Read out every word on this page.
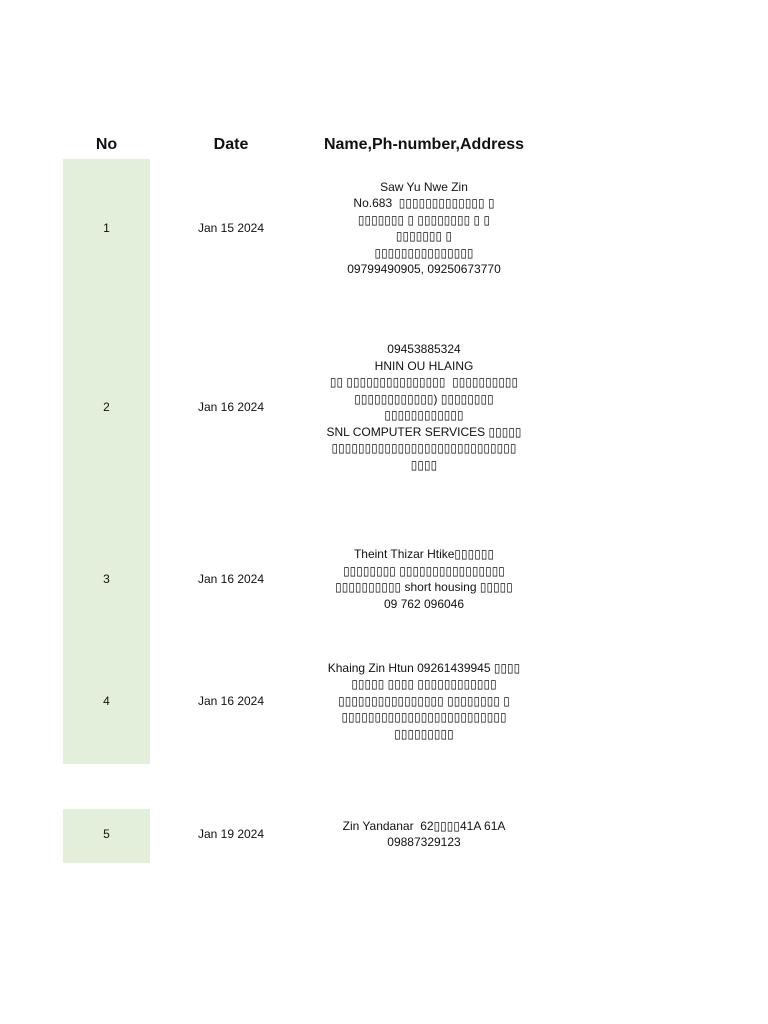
No	Date	Name,Ph-number,Address
1	Jan 15 2024
Saw Yu Nwe Zin
No.683  ▯▯▯▯▯▯▯▯▯▯▯▯▯ ▯
▯▯▯▯▯▯▯ ▯ ▯▯▯▯▯▯▯▯ ▯ ▯
▯▯▯▯▯▯▯ ▯
▯▯▯▯▯▯▯▯▯▯▯▯▯▯▯
09799490905, 09250673770
2	Jan 16 2024
09453885324
HNIN OU HLAING
▯▯ ▯▯▯▯▯▯▯▯▯▯▯▯▯▯▯  ▯▯▯▯▯▯▯▯▯▯
▯▯▯▯▯▯▯▯▯▯▯▯) ▯▯▯▯▯▯▯▯
▯▯▯▯▯▯▯▯▯▯▯▯
SNL COMPUTER SERVICES ▯▯▯▯▯
▯▯▯▯▯▯▯▯▯▯▯▯▯▯▯▯▯▯▯▯▯▯▯▯▯▯▯▯
▯▯▯▯
3	Jan 16 2024
Theint Thizar Htike▯▯▯▯▯▯
▯▯▯▯▯▯▯▯ ▯▯▯▯▯▯▯▯▯▯▯▯▯▯▯▯
▯▯▯▯▯▯▯▯▯▯ short housing ▯▯▯▯▯
09 762 096046
4	Jan 16 2024
Khaing Zin Htun 09261439945 ▯▯▯▯
▯▯▯▯▯ ▯▯▯▯ ▯▯▯▯▯▯▯▯▯▯▯▯
▯▯▯▯▯▯▯▯▯▯▯▯▯▯▯▯ ▯▯▯▯▯▯▯▯ ▯
▯▯▯▯▯▯▯▯▯▯▯▯▯▯▯▯▯▯▯▯▯▯▯▯▯
▯▯▯▯▯▯▯▯▯
5	Jan 19 2024
Zin Yandanar  62▯▯▯▯41A 61A
09887329123
